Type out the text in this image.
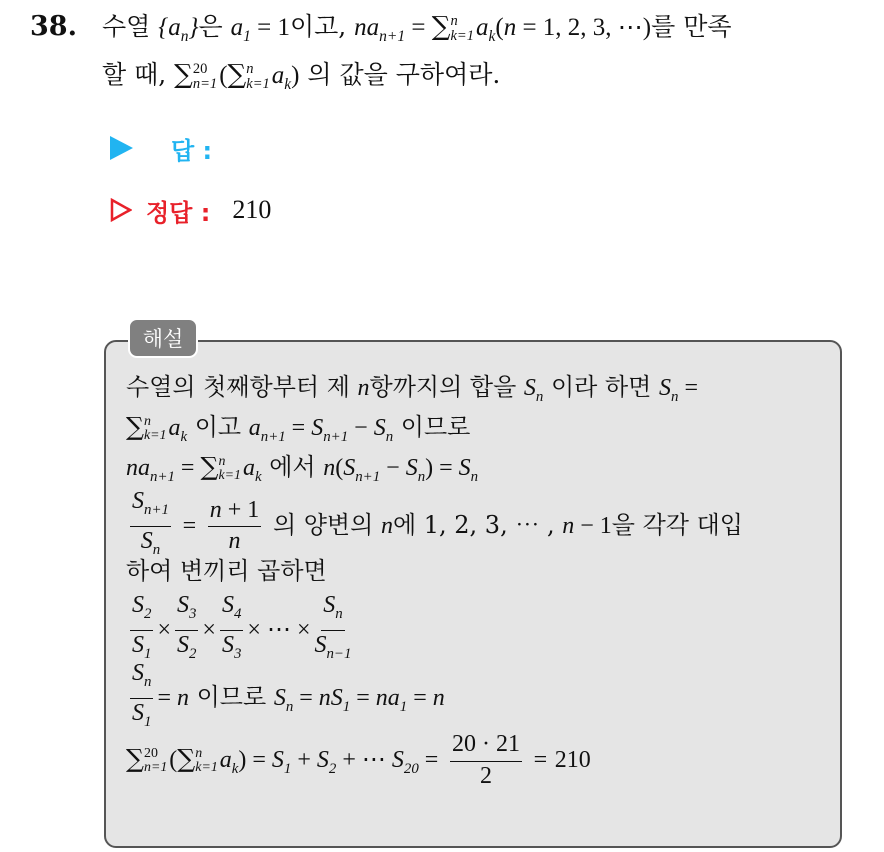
38. 수열 $\{a_n\}$은 $a_1 = 1$이고, $na_{n+1}$ = ∑ n
k=1 $a_k(n = 1$, 2, 3, ⋯)를 만족
할 때, ∑ 20
n=1 (∑ n
k=1 $a_k$) 의 값을 구하여라.
답 :
정답 : 210
해설
수열의 첫째항부터 제 n항까지의 합을 $S_n$ 이라 하면 $S_n$ =
∑ n
k=1 $a_k$ 이고 $a_{n+1} = S_{n+1} - S_n$ 이므로
$na_{n+1}$ = ∑ n
k=1 $a_k$ 에서 $n(S_{n+1} - S_n) = S_n$
$\frac{S_{n+1}}{S_n} = \frac{n + 1}{n}$ 의 양변의 n에 1, 2, 3, ⋯ , n − 1을 각각 대입
하여 변끼리 곱하면
$\frac{S_2}{S_1} \times \frac{S_3}{S_2} \times \frac{S_4}{S_3}$ × ⋯ × $\frac{S_n}{S_{n-1}}$
$\frac{S_n}{S_1} = n$ 이므로 $S_n = nS_1 = na_1 = n$
∑ 20
n=1 (∑ n
k=1 $a_k) = S_1 + S_2$ + ⋯ $S_{20} = \frac{20 \cdot 21}{2} = 210$
